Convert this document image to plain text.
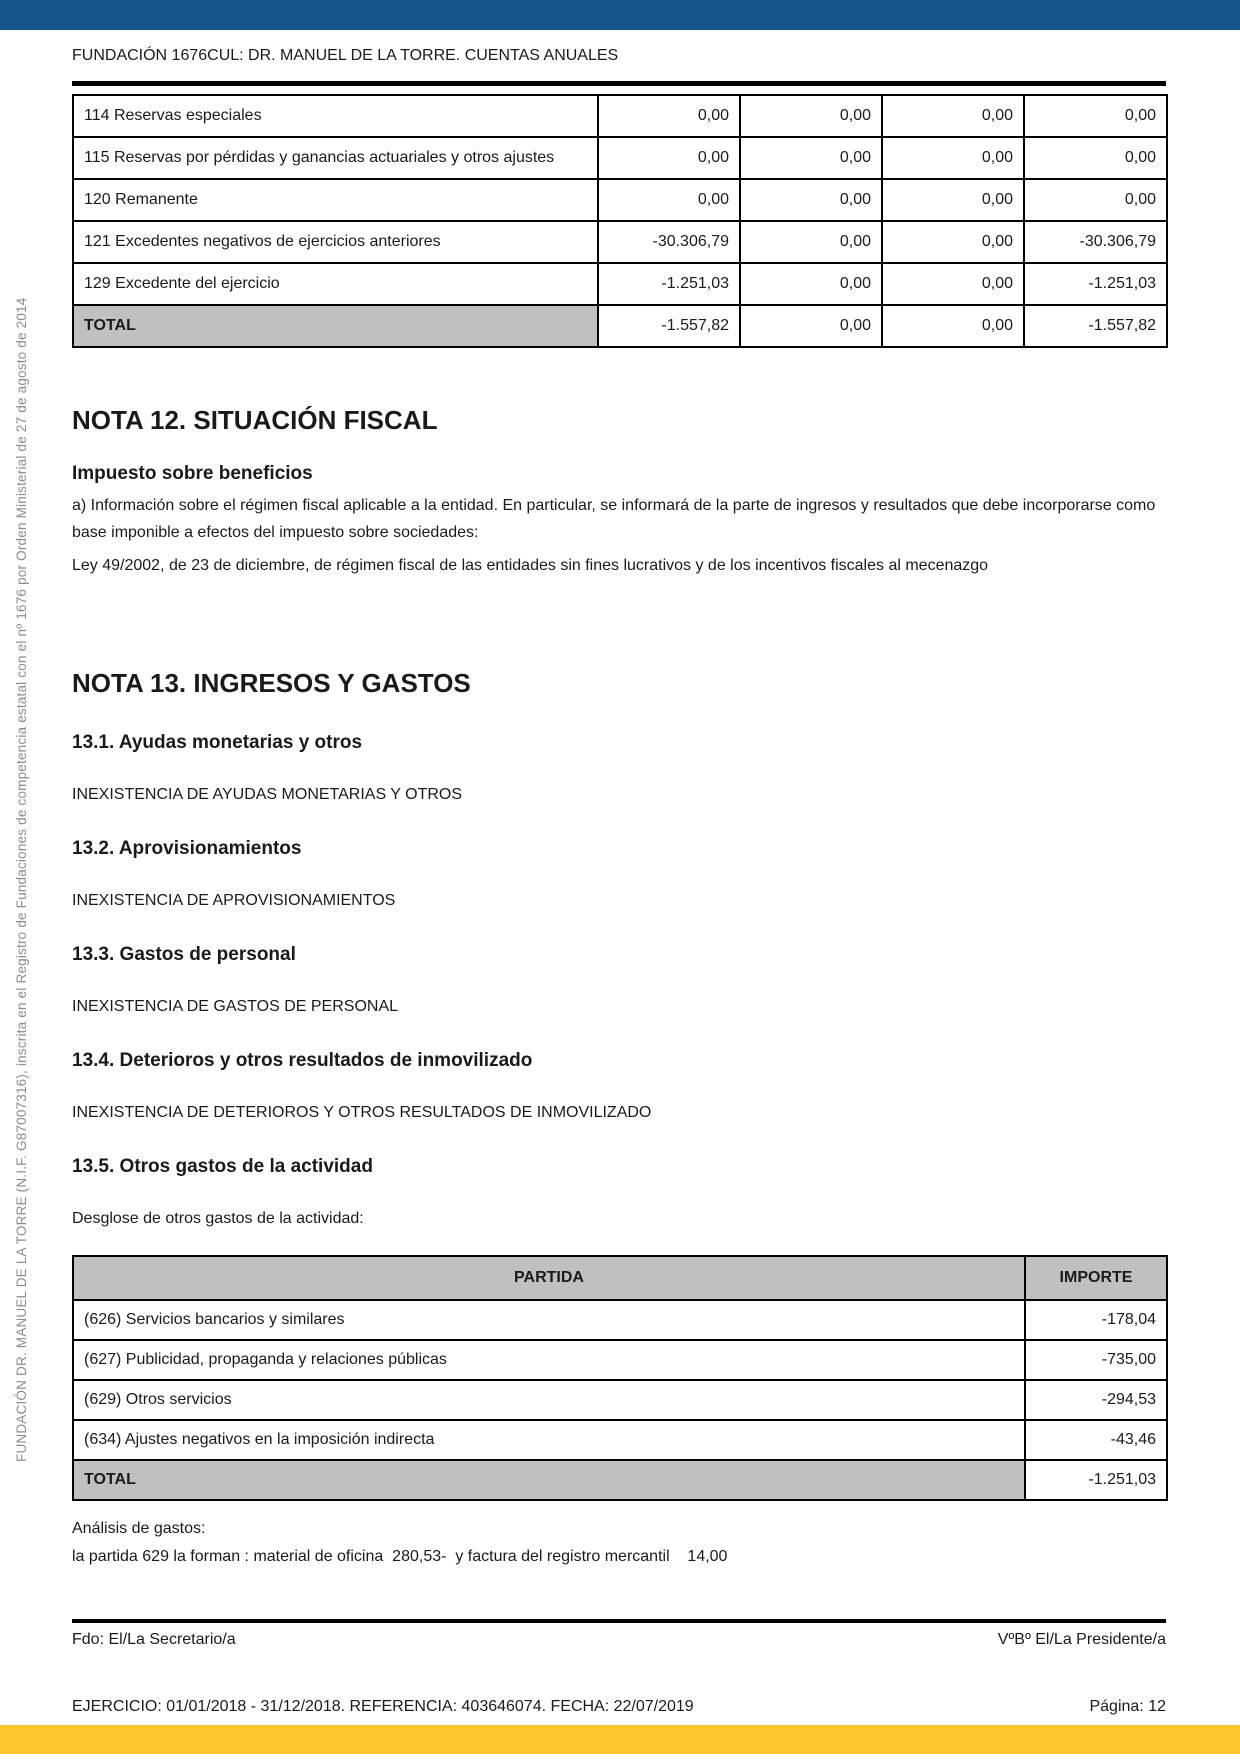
FUNDACIÓN DR. MANUEL DE LA TORRE (N.I.F. G87007316), inscrita en el Registro de Fundaciones de competencia estatal con el nº 1676 por Orden Ministerial de 27 de agosto de 2014
FUNDACIÓN 1676CUL: DR. MANUEL DE LA TORRE. CUENTAS ANUALES
114 Reservas especiales	0,00	0,00	0,00	0,00
115 Reservas por pérdidas y ganancias actuariales y otros ajustes	0,00	0,00	0,00	0,00
120 Remanente	0,00	0,00	0,00	0,00
121 Excedentes negativos de ejercicios anteriores	-30.306,79	0,00	0,00	-30.306,79
129 Excedente del ejercicio	-1.251,03	0,00	0,00	-1.251,03
TOTAL	-1.557,82	0,00	0,00	-1.557,82
NOTA 12. SITUACIÓN FISCAL
Impuesto sobre beneficios

a) Información sobre el régimen fiscal aplicable a la entidad. En particular, se informará de la parte de ingresos y resultados que debe incorporarse como base imponible a efectos del impuesto sobre sociedades:

Ley 49/2002, de 23 de diciembre, de régimen fiscal de las entidades sin fines lucrativos y de los incentivos fiscales al mecenazgo

NOTA 13. INGRESOS Y GASTOS
13.1. Ayudas monetarias y otros
INEXISTENCIA DE AYUDAS MONETARIAS Y OTROS
13.2. Aprovisionamientos
INEXISTENCIA DE APROVISIONAMIENTOS
13.3. Gastos de personal
INEXISTENCIA DE GASTOS DE PERSONAL
13.4. Deterioros y otros resultados de inmovilizado
INEXISTENCIA DE DETERIOROS Y OTROS RESULTADOS DE INMOVILIZADO
13.5. Otros gastos de la actividad
Desglose de otros gastos de la actividad:
PARTIDA	IMPORTE
(626) Servicios bancarios y similares	-178,04
(627) Publicidad, propaganda y relaciones públicas	-735,00
(629) Otros servicios	-294,53
(634) Ajustes negativos en la imposición indirecta	-43,46
TOTAL	-1.251,03
Análisis de gastos:
la partida 629 la forman : material de oficina  280,53-  y factura del registro mercantil    14,00
Fdo: El/La Secretario/a	VºBº El/La Presidente/a
EJERCICIO: 01/01/2018 - 31/12/2018. REFERENCIA: 403646074. FECHA: 22/07/2019	Página: 12
